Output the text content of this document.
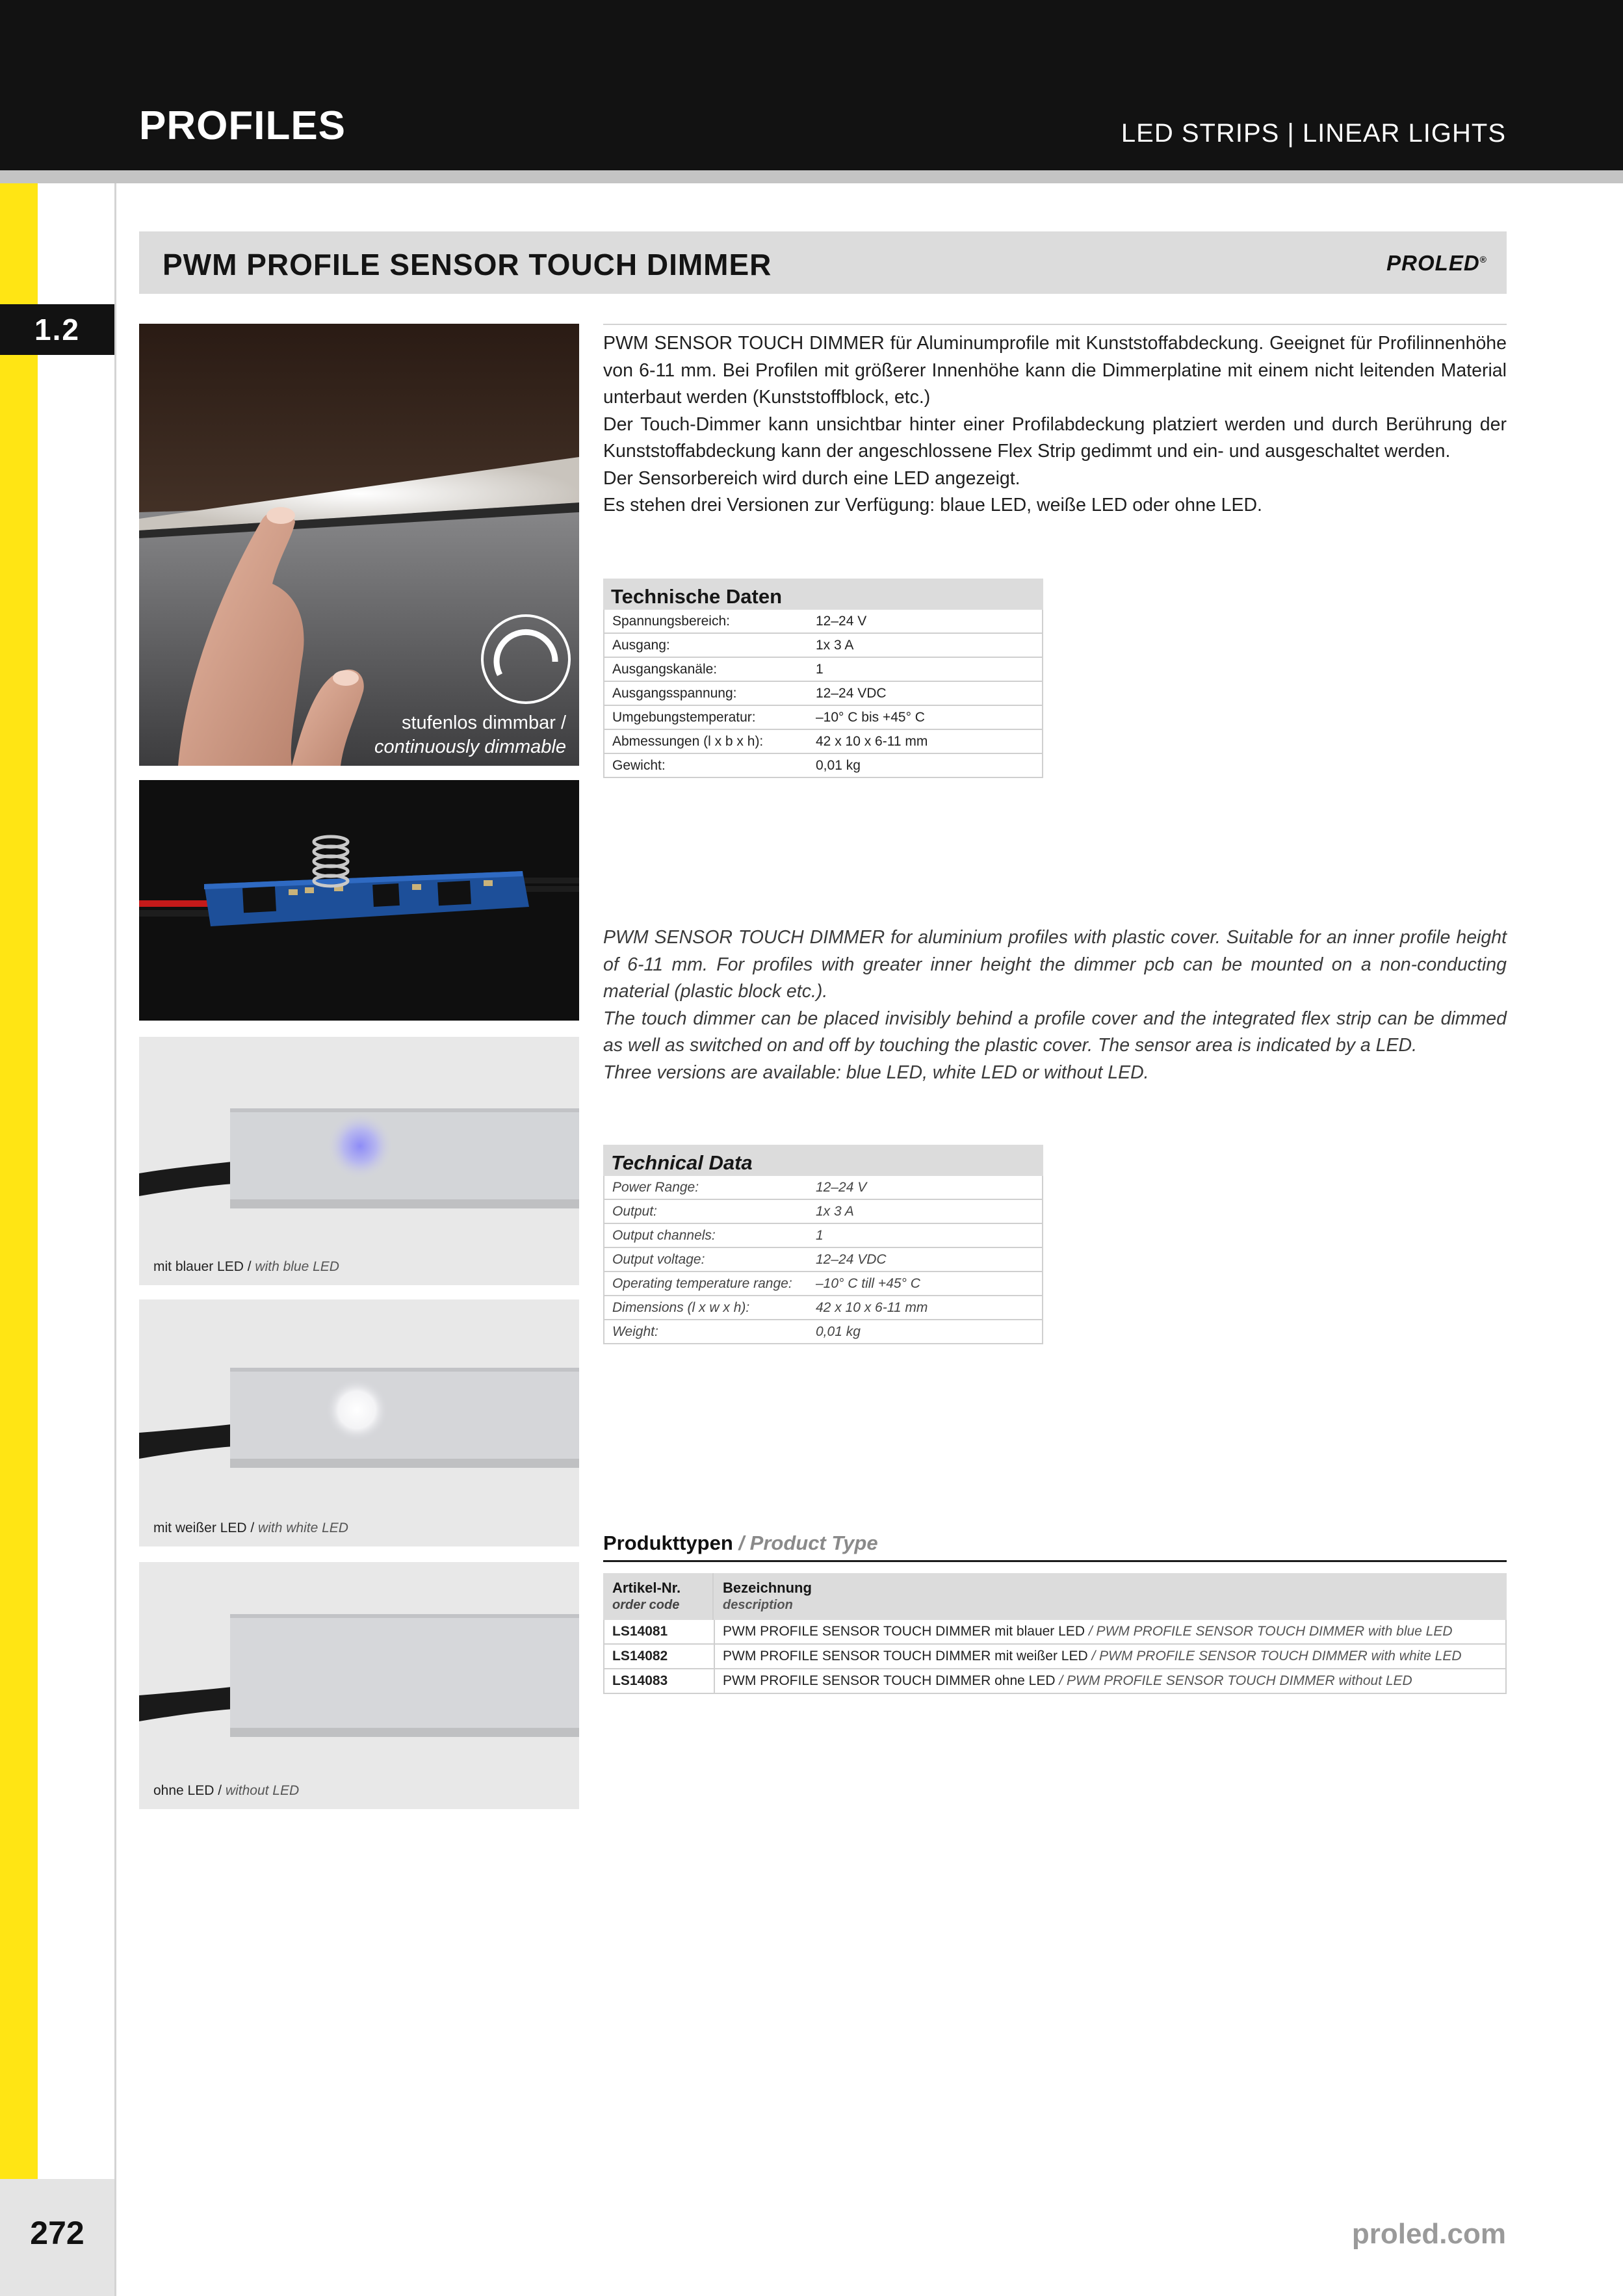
PROFILES	LED STRIPS | LINEAR LIGHTS
1.2
PWM PROFILE SENSOR TOUCH DIMMER	PROLED®
stufenlos dimmbar /
continuously dimmable
mit blauer LED / with blue LED
mit weißer LED / with white LED
ohne LED / without LED

PWM SENSOR TOUCH DIMMER für Aluminumprofile mit Kunststoffabdeckung. Geeignet für Profilinnenhöhe von 6-11 mm. Bei Profilen mit größerer Innenhöhe kann die Dimmerplatine mit einem nicht leitenden Material unterbaut werden (Kunststoffblock, etc.)

Der Touch-Dimmer kann unsichtbar hinter einer Profilabdeckung platziert werden und durch Berührung der Kunststoffabdeckung kann der angeschlossene Flex Strip gedimmt und ein- und ausgeschaltet werden.

Der Sensorbereich wird durch eine LED angezeigt.

Es stehen drei Versionen zur Verfügung: blaue LED, weiße LED oder ohne LED.

Technische Daten
Spannungsbereich:	12–24 V
Ausgang:	1x 3 A
Ausgangskanäle:	1
Ausgangsspannung:	12–24 VDC
Umgebungstemperatur:	–10° C bis +45° C
Abmessungen (l x b x h):	42 x 10 x 6-11 mm
Gewicht:	0,01 kg

PWM SENSOR TOUCH DIMMER for aluminium profiles with plastic cover. Suitable for an inner profile height of 6-11 mm. For profiles with greater inner height the dimmer pcb can be mounted on a non-conducting material (plastic block etc.).

The touch dimmer can be placed invisibly behind a profile cover and the integrated flex strip can be dimmed as well as switched on and off by touching the plastic cover. The sensor area is indicated by a LED.

Three versions are available: blue LED, white LED or without LED.

Technical Data
Power Range:	12–24 V
Output:	1x 3 A
Output channels:	1
Output voltage:	12–24 VDC
Operating temperature range:	–10° C till +45° C
Dimensions (l x w x h):	42 x 10 x 6-11 mm
Weight:	0,01 kg
Produkttypen / Product Type
Artikel-Nr.
order code
Bezeichnung
description
LS14081	PWM PROFILE SENSOR TOUCH DIMMER mit blauer LED / PWM PROFILE SENSOR TOUCH DIMMER with blue LED
LS14082	PWM PROFILE SENSOR TOUCH DIMMER mit weißer LED / PWM PROFILE SENSOR TOUCH DIMMER with white LED
LS14083	PWM PROFILE SENSOR TOUCH DIMMER ohne LED / PWM PROFILE SENSOR TOUCH DIMMER without LED
272	proled.com
